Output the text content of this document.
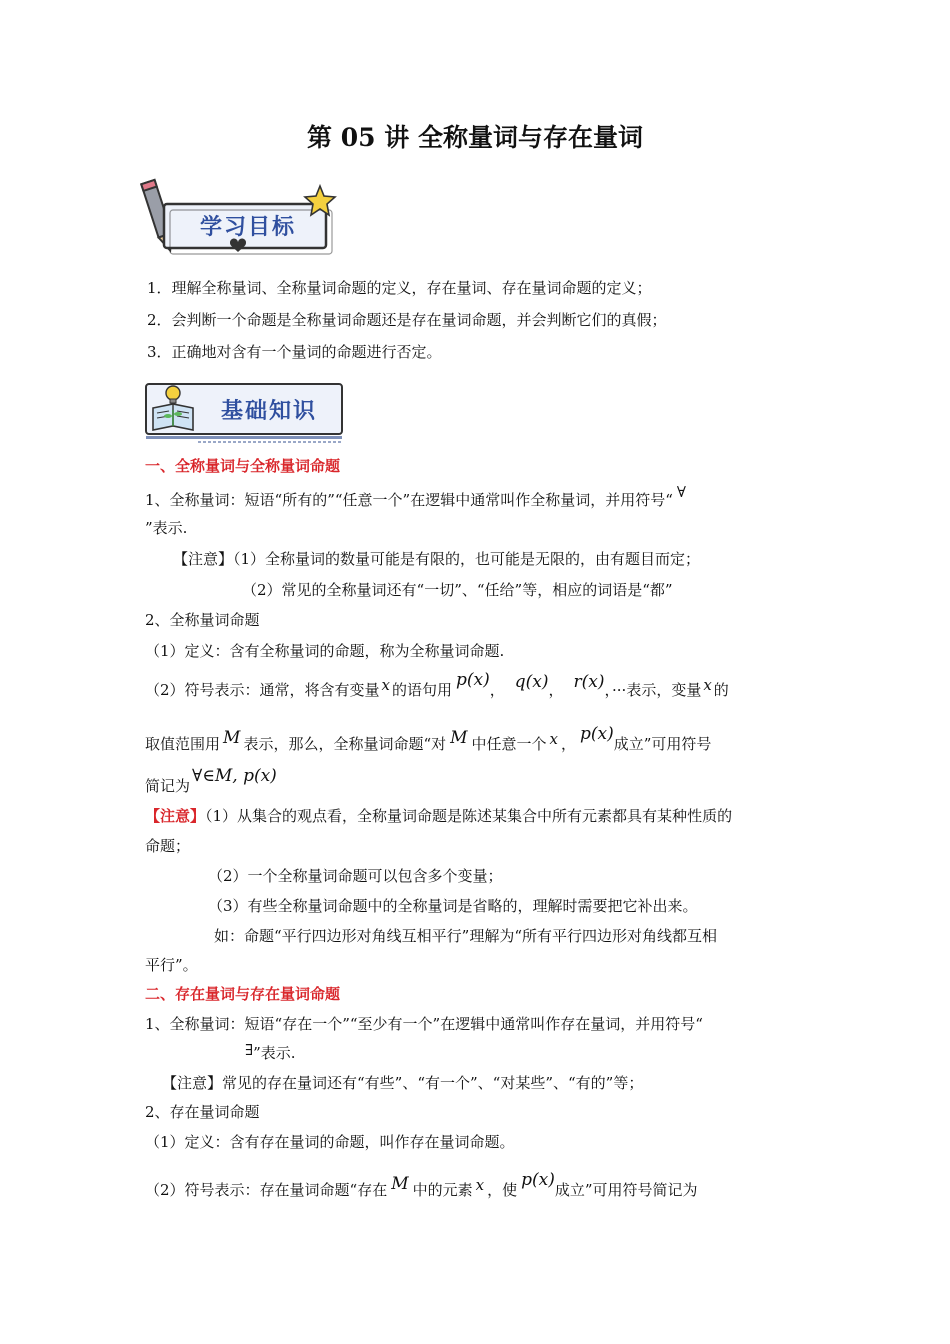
第 05 讲 全称量词与存在量词
学习目标
1．理解全称量词、全称量词命题的定义，存在量词、存在量词命题的定义；
2．会判断一个命题是全称量词命题还是存在量词命题，并会判断它们的真假；
3．正确地对含有一个量词的命题进行否定。
基础知识
一、全称量词与全称量词命题
1、全称量词：短语“所有的”“任意一个”在逻辑中通常叫作全称量词，并用符号“ ∀
”表示.
【注意】（1）全称量词的数量可能是有限的，也可能是无限的，由有题目而定；
（2）常见的全称量词还有“一切”、“任给”等，相应的词语是“都”
2、全称量词命题
（1）定义：含有全称量词的命题，称为全称量词命题.
（2）符号表示：通常，将含有变量 x 的语句用 p(x)， q(x)， r(x)，···表示，变量 x 的
取值范围用 M 表示，那么，全称量词命题“对 M 中任意一个 x ， p(x)成立”可用符号
简记为 ∀∈M, p(x)
【注意】（1）从集合的观点看，全称量词命题是陈述某集合中所有元素都具有某种性质的
命题；
（2）一个全称量词命题可以包含多个变量；
（3）有些全称量词命题中的全称量词是省略的，理解时需要把它补出来。
如：命题“平行四边形对角线互相平行”理解为“所有平行四边形对角线都互相
平行”。
二、存在量词与存在量词命题
1、全称量词：短语“存在一个”“至少有一个”在逻辑中通常叫作存在量词，并用符号“
∃”表示.
【注意】常见的存在量词还有“有些”、“有一个”、“对某些”、“有的”等；
2、存在量词命题
（1）定义：含有存在量词的命题，叫作存在量词命题。
（2）符号表示：存在量词命题“存在 M 中的元素 x ，使 p(x)成立”可用符号简记为
